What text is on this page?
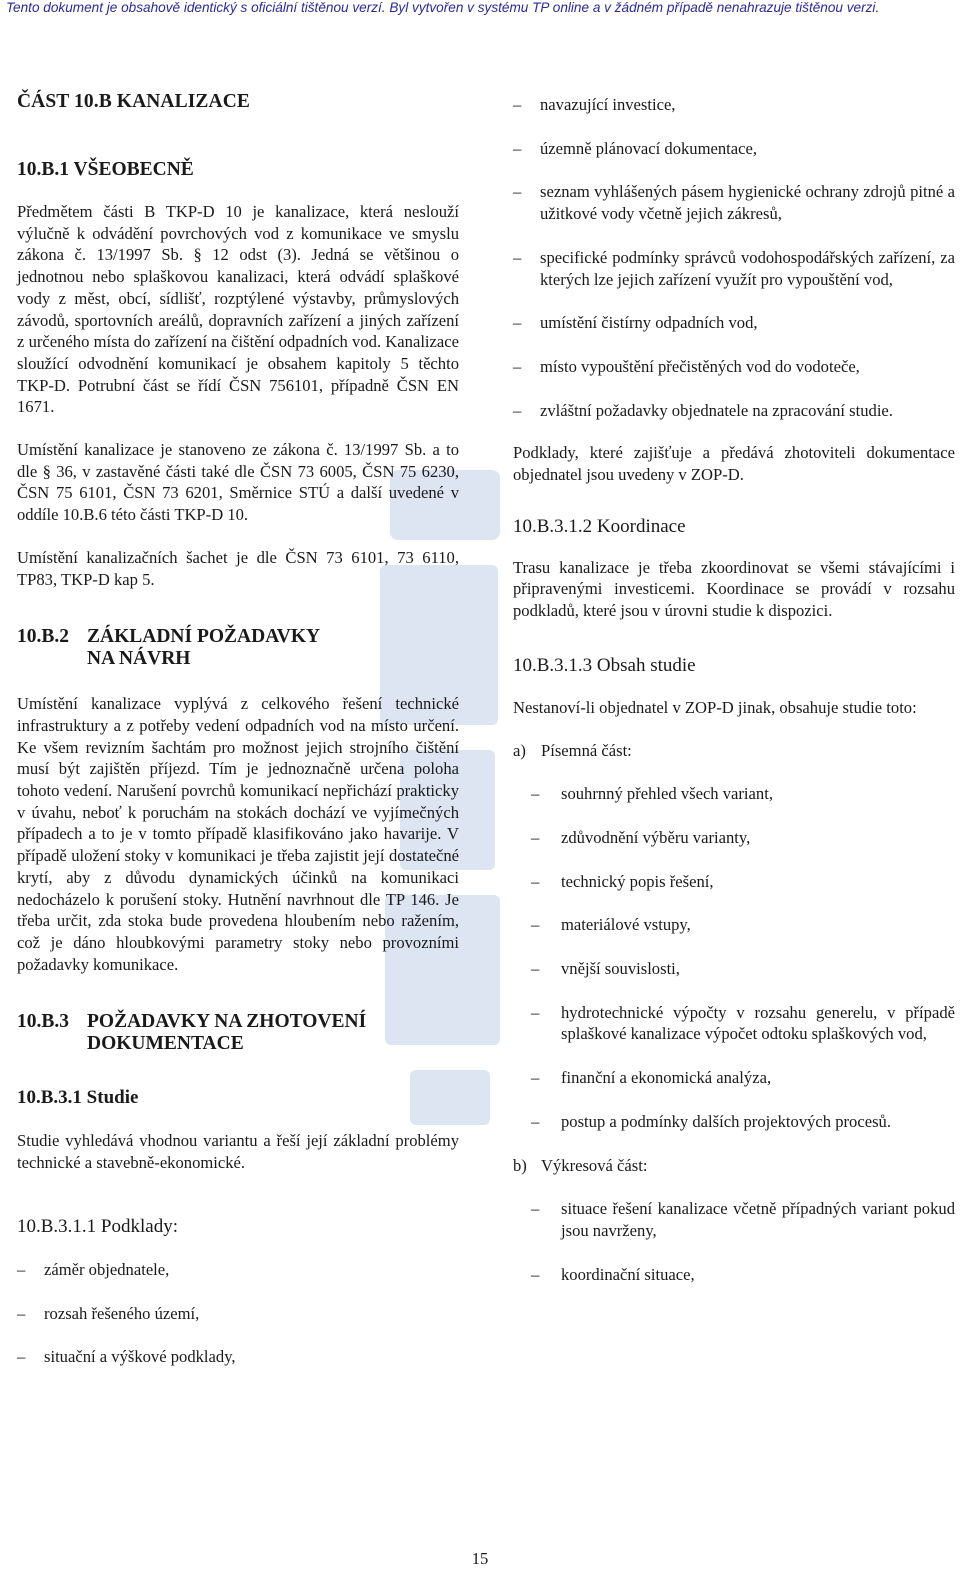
Tento dokument je obsahově identický s oficiální tištěnou verzí. Byl vytvořen v systému TP online a v žádném případě nenahrazuje tištěnou verzi.
ČÁST 10.B KANALIZACE
10.B.1 VŠEOBECNĚ

Předmětem části B TKP-D 10 je kanalizace, která neslouží výlučně k odvádění povrchových vod z komunikace ve smyslu zákona č. 13/1997 Sb. § 12 odst (3). Jedná se většinou o jednotnou nebo splaškovou kanalizaci, která odvádí splaškové vody z měst, obcí, sídlišť, rozptýlené výstavby, průmyslových závodů, sportovních areálů, dopravních zařízení a jiných zařízení z určeného místa do zařízení na čištění odpadních vod. Kanalizace sloužící odvodnění komunikací je obsahem kapitoly 5 těchto TKP-D. Potrubní část se řídí ČSN 756101, případně ČSN EN 1671.

Umístění kanalizace je stanoveno ze zákona č. 13/1997 Sb. a to dle § 36, v zastavěné části také dle ČSN 73 6005, ČSN 75 6230, ČSN 75 6101, ČSN 73 6201, Směrnice STÚ a další uvedené v oddíle 10.B.6 této části TKP-D 10.

Umístění kanalizačních šachet je dle ČSN 73 6101, 73 6110, TP83, TKP-D kap 5.

10.B.2 ZÁKLADNÍ POŽADAVKY
NA NÁVRH

Umístění kanalizace vyplývá z celkového řešení technické infrastruktury a z potřeby vedení odpadních vod na místo určení. Ke všem revizním šachtám pro možnost jejich strojního čištění musí být zajištěn příjezd. Tím je jednoznačně určena poloha tohoto vedení. Narušení povrchů komunikací nepřichází prakticky v úvahu, neboť k poruchám na stokách dochází ve vyjímečných případech a to je v tomto případě klasifikováno jako havarije. V případě uložení stoky v komunikaci je třeba zajistit její dostatečné krytí, aby z důvodu dynamických účinků na komunikaci nedocházelo k porušení stoky. Hutnění navrhnout dle TP 146. Je třeba určit, zda stoka bude provedena hloubením nebo ražením, což je dáno hloubkovými parametry stoky nebo provozními požadavky komunikace.

10.B.3 POŽADAVKY NA ZHOTOVENÍ
DOKUMENTACE
10.B.3.1 Studie

Studie vyhledává vhodnou variantu a řeší její základní problémy technické a stavebně-ekonomické.

10.B.3.1.1 Podklady:
–	záměr objednatele,
–	rozsah řešeného území,
–	situační a výškové podklady,
–	navazující investice,
–	územně plánovací dokumentace,
–	seznam vyhlášených pásem hygienické ochrany zdrojů pitné a užitkové vody včetně jejich zákresů,
–	specifické podmínky správců vodohospodářských zařízení, za kterých lze jejich zařízení využít pro vypouštění vod,
–	umístění čistírny odpadních vod,
–	místo vypouštění přečistěných vod do vodoteče,
–	zvláštní požadavky objednatele na zpracování studie.

Podklady, které zajišťuje a předává zhotoviteli dokumentace objednatel jsou uvedeny v ZOP-D.

10.B.3.1.2 Koordinace

Trasu kanalizace je třeba zkoordinovat se všemi stávajícími i připravenými investicemi. Koordinace se provádí v rozsahu podkladů, které jsou v úrovni studie k dispozici.

10.B.3.1.3 Obsah studie

Nestanoví-li objednatel v ZOP-D jinak, obsahuje studie toto:

a) Písemná část:
–	souhrnný přehled všech variant,
–	zdůvodnění výběru varianty,
–	technický popis řešení,
–	materiálové vstupy,
–	vnější souvislosti,
–	hydrotechnické výpočty v rozsahu generelu, v případě splaškové kanalizace výpočet odtoku splaškových vod,
–	finanční a ekonomická analýza,
–	postup a podmínky dalších projektových procesů.
b) Výkresová část:
–	situace řešení kanalizace včetně případných variant pokud jsou navrženy,
–	koordinační situace,
15
